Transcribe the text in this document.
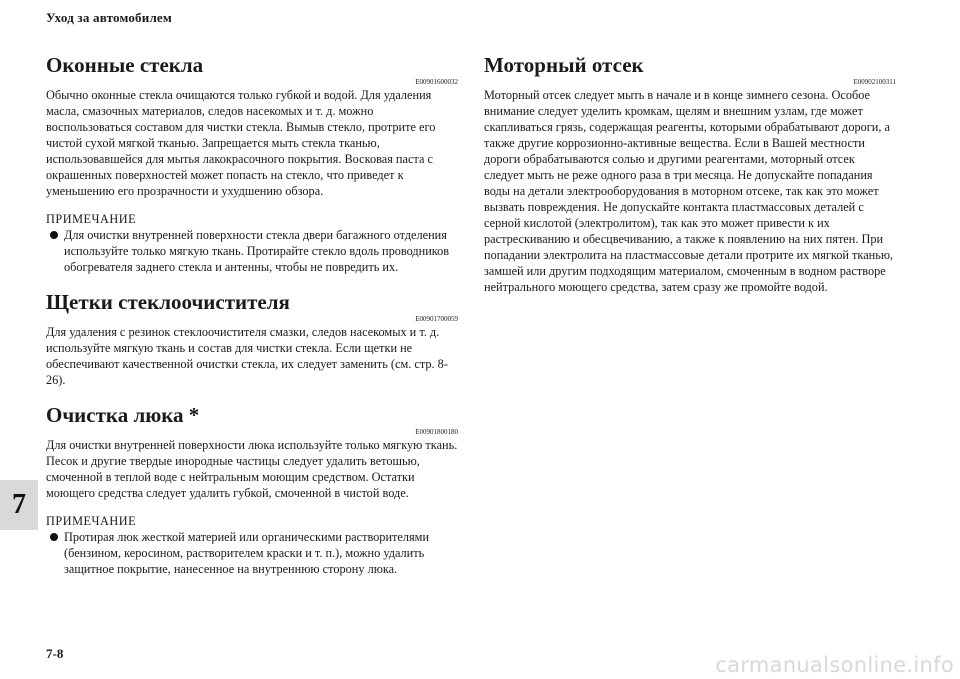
Уход за автомобилем
7
Оконные стекла
E00901600032

Обычно оконные стекла очищаются только губкой и водой. Для удаления масла, смазочных материалов, следов насекомых и т. д. можно воспользоваться составом для чистки стекла. Вымыв стекло, протрите его чистой сухой мягкой тканью. Запрещается мыть стекла тканью, использовавшейся для мытья лакокрасочного покрытия. Восковая паста с окрашенных поверхностей может попасть на стекло, что приведет к уменьшению его прозрачности и ухудшению обзора.

ПРИМЕЧАНИЕ

Для очистки внутренней поверхности стекла двери багажного отделения используйте только мягкую ткань. Протирайте стекло вдоль проводников обогревателя заднего стекла и антенны, чтобы не повредить их.
Щетки стеклоочистителя
E00901700059

Для удаления с резинок стеклоочистителя смазки, следов насекомых и т. д. используйте мягкую ткань и состав для чистки стекла. Если щетки не обеспечивают качественной очистки стекла, их следует заменить (см. стр. 8-26).

Очистка люка *
E00901800180

Для очистки внутренней поверхности люка используйте только мягкую ткань. Песок и другие твердые инородные частицы следует удалить ветошью, смоченной в теплой воде с нейтральным моющим средством. Остатки моющего средства следует удалить губкой, смоченной в чистой воде.

ПРИМЕЧАНИЕ

Протирая люк жесткой материей или органическими растворителями (бензином, керосином, растворителем краски и т. п.), можно удалить защитное покрытие, нанесенное на внутреннюю сторону люка.
Моторный отсек
E00902100311

Моторный отсек следует мыть в начале и в конце зимнего сезона. Особое внимание следует уделить кромкам, щелям и внешним узлам, где может скапливаться грязь, содержащая реагенты, которыми обрабатывают дороги, а также другие коррозионно-активные вещества. Если в Вашей местности дороги обрабатываются солью и другими реагентами, моторный отсек следует мыть не реже одного раза в три месяца. Не допускайте попадания воды на детали электрооборудования в моторном отсеке, так как это может вызвать повреждения. Не допускайте контакта пластмассовых деталей с серной кислотой (электролитом), так как это может привести к их растрескиванию и обесцвечиванию, а также к появлению на них пятен. При попадании электролита на пластмассовые детали протрите их мягкой тканью, замшей или другим подходящим материалом, смоченным в водном растворе нейтрального моющего средства, затем сразу же промойте водой.

7-8	carmanualsonline.info
